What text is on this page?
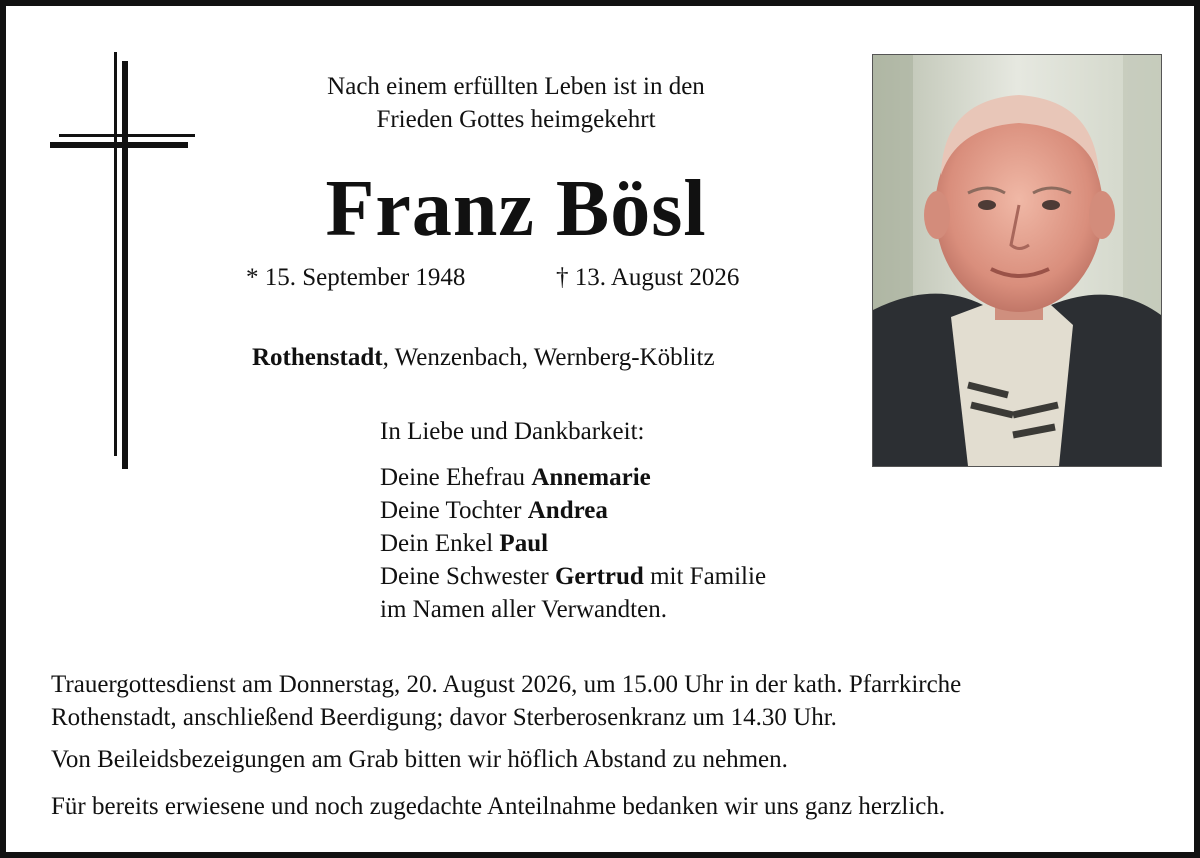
Nach einem erfüllten Leben ist in den
Frieden Gottes heimgekehrt
Franz Bösl
* 15. September 1948	† 13. August 2026
Rothenstadt, Wenzenbach, Wernberg-Köblitz
In Liebe und Dankbarkeit:
Deine Ehefrau Annemarie
Deine Tochter Andrea
Dein Enkel Paul
Deine Schwester Gertrud mit Familie
im Namen aller Verwandten.
Trauergottesdienst am Donnerstag, 20. August 2026, um 15.00 Uhr in der kath. Pfarrkirche
Rothenstadt, anschließend Beerdigung; davor Sterberosenkranz um 14.30 Uhr.
Von Beileidsbezeigungen am Grab bitten wir höflich Abstand zu nehmen.
Für bereits erwiesene und noch zugedachte Anteilnahme bedanken wir uns ganz herzlich.
